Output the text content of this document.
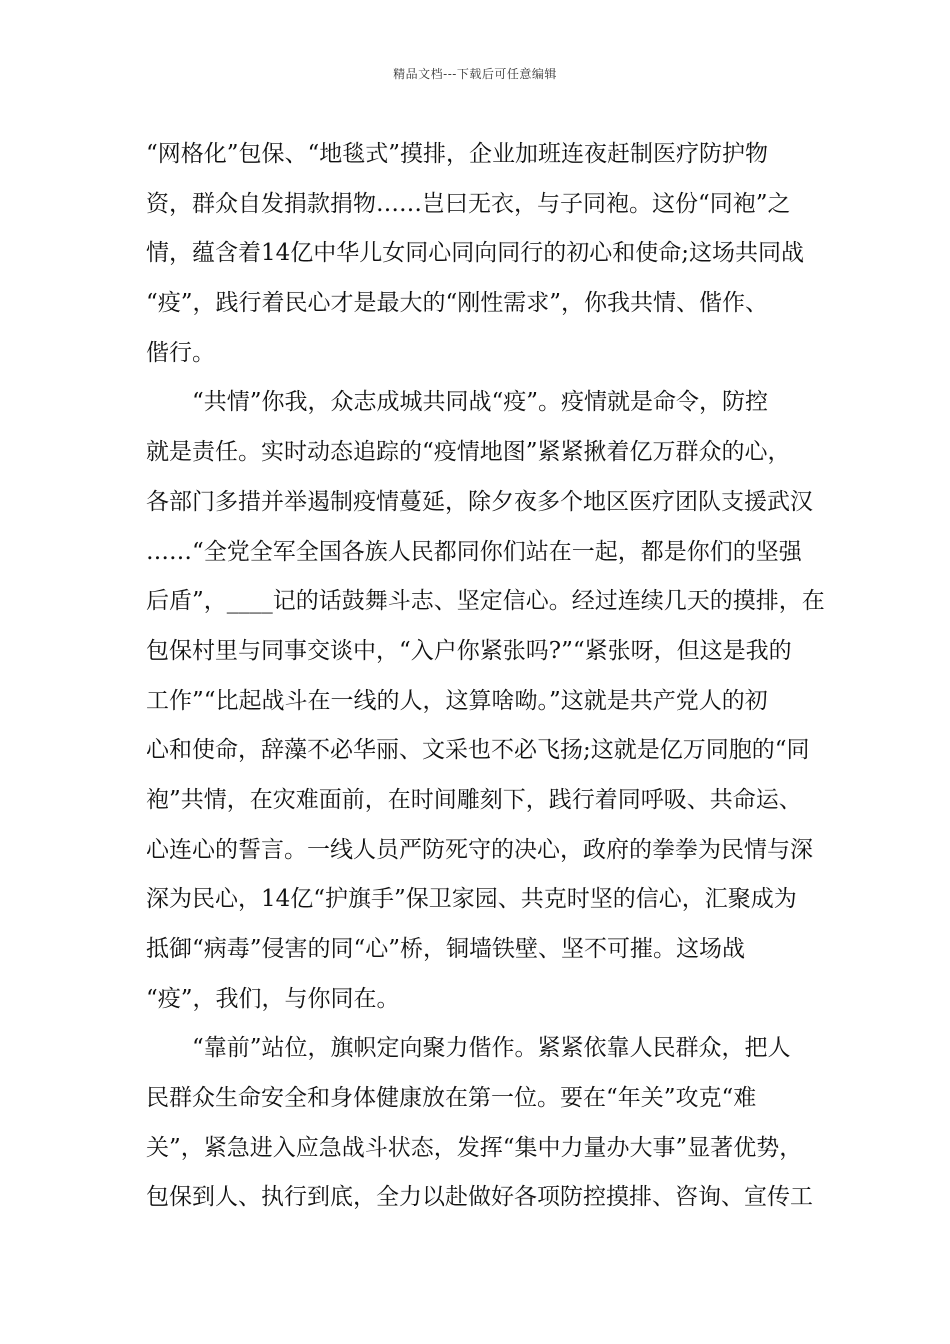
精品文档---下载后可任意编辑
“网格化”包保、“地毯式”摸排，企业加班连夜赶制医疗防护物
资，群众自发捐款捐物……岂曰无衣，与子同袍。这份“同袍”之
情，蕴含着14亿中华儿女同心同向同行的初心和使命;这场共同战
“疫”，践行着民心才是最大的“刚性需求”，你我共情、偕作、
偕行。
“共情”你我，众志成城共同战“疫”。疫情就是命令，防控
就是责任。实时动态追踪的“疫情地图”紧紧揪着亿万群众的心，
各部门多措并举遏制疫情蔓延，除夕夜多个地区医疗团队支援武汉
……“全党全军全国各族人民都同你们站在一起，都是你们的坚强
后盾”，____记的话鼓舞斗志、坚定信心。经过连续几天的摸排，在
包保村里与同事交谈中，“入户你紧张吗?”“紧张呀，但这是我的
工作”“比起战斗在一线的人，这算啥呦。”这就是共产党人的初
心和使命，辞藻不必华丽、文采也不必飞扬;这就是亿万同胞的“同
袍”共情，在灾难面前，在时间雕刻下，践行着同呼吸、共命运、
心连心的誓言。一线人员严防死守的决心，政府的拳拳为民情与深
深为民心，14亿“护旗手”保卫家园、共克时坚的信心，汇聚成为
抵御“病毒”侵害的同“心”桥，铜墙铁壁、坚不可摧。这场战
“疫”，我们，与你同在。
“靠前”站位，旗帜定向聚力偕作。紧紧依靠人民群众，把人
民群众生命安全和身体健康放在第一位。要在“年关”攻克“难
关”，紧急进入应急战斗状态，发挥“集中力量办大事”显著优势，
包保到人、执行到底，全力以赴做好各项防控摸排、咨询、宣传工
